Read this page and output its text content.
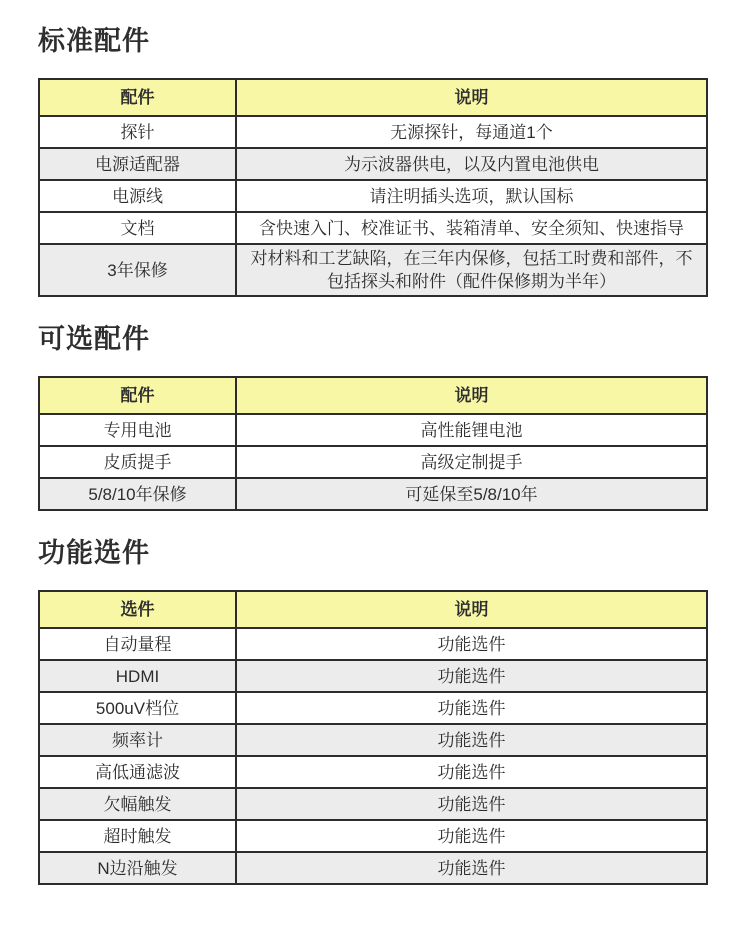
标准配件
配件	说明
探针	无源探针，每通道1个
电源适配器	为示波器供电，以及内置电池供电
电源线	请注明插头选项，默认国标
文档	含快速入门、校准证书、装箱清单、安全须知、快速指导
3年保修	对材料和工艺缺陷，在三年内保修，包括工时费和部件，不包括探头和附件（配件保修期为半年）
可选配件
配件	说明
专用电池	高性能锂电池
皮质提手	高级定制提手
5/8/10年保修	可延保至5/8/10年
功能选件
选件	说明
自动量程	功能选件
HDMI	功能选件
500uV档位	功能选件
频率计	功能选件
高低通滤波	功能选件
欠幅触发	功能选件
超时触发	功能选件
N边沿触发	功能选件
